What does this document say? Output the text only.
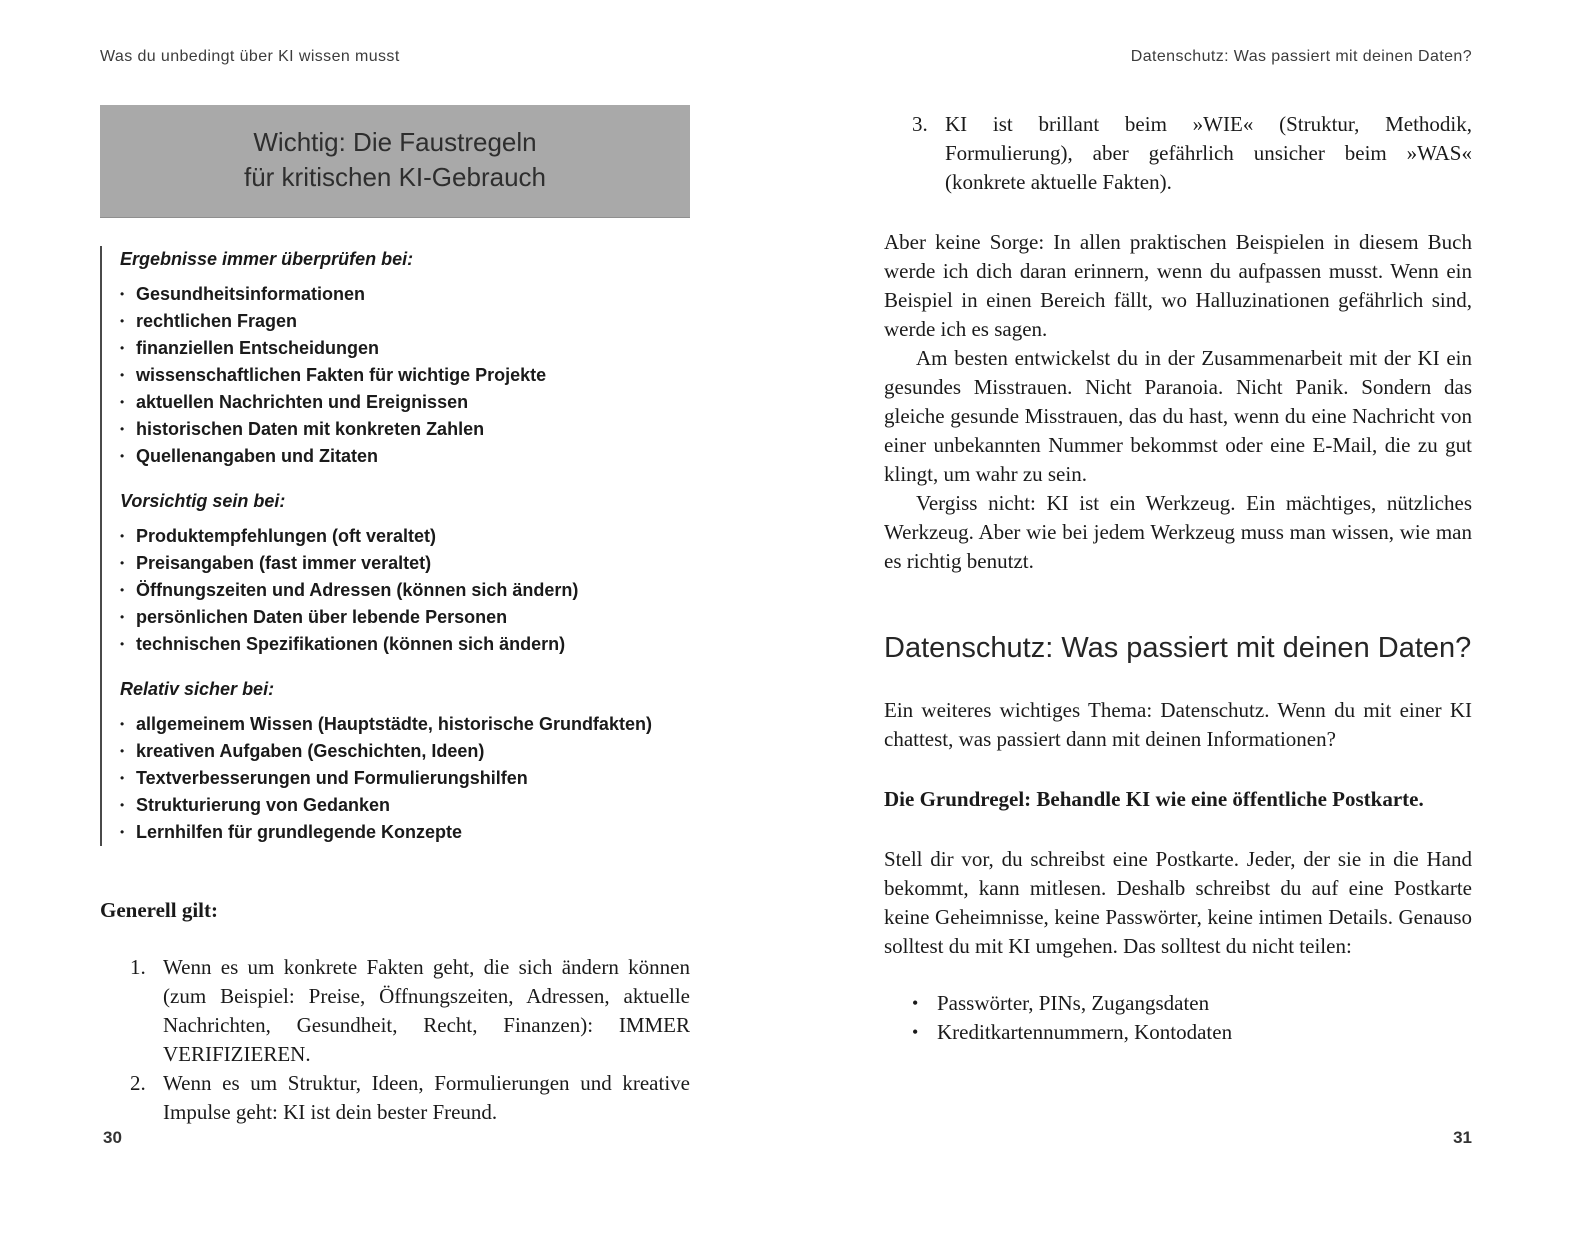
Was du unbedingt über KI wissen musst
Wichtig: Die Faustregeln
für kritischen KI-Gebrauch
Ergebnisse immer überprüfen bei:
• Gesundheitsinformationen
• rechtlichen Fragen
• finanziellen Entscheidungen
• wissenschaftlichen Fakten für wichtige Projekte
• aktuellen Nachrichten und Ereignissen
• historischen Daten mit konkreten Zahlen
• Quellenangaben und Zitaten
Vorsichtig sein bei:
• Produktempfehlungen (oft veraltet)
• Preisangaben (fast immer veraltet)
• Öffnungszeiten und Adressen (können sich ändern)
• persönlichen Daten über lebende Personen
• technischen Spezifikationen (können sich ändern)
Relativ sicher bei:
• allgemeinem Wissen (Hauptstädte, historische Grundfakten)
• kreativen Aufgaben (Geschichten, Ideen)
• Textverbesserungen und Formulierungshilfen
• Strukturierung von Gedanken
• Lernhilfen für grundlegende Konzepte
Generell gilt:
1. Wenn es um konkrete Fakten geht, die sich ändern können (zum Beispiel: Preise, Öffnungszeiten, Adressen, aktuelle Nachrichten, Gesundheit, Recht, Finanzen): IMMER VERIFIZIEREN.
2. Wenn es um Struktur, Ideen, Formulierungen und kreative Impulse geht: KI ist dein bester Freund.
Datenschutz: Was passiert mit deinen Daten?
3. KI ist brillant beim »WIE« (Struktur, Methodik, Formulierung), aber gefährlich unsicher beim »WAS« (konkrete aktuelle Fakten).

Aber keine Sorge: In allen praktischen Beispielen in diesem Buch werde ich dich daran erinnern, wenn du aufpassen musst. Wenn ein Beispiel in einen Bereich fällt, wo Halluzinationen gefährlich sind, werde ich es sagen.

Am besten entwickelst du in der Zusammenarbeit mit der KI ein gesundes Misstrauen. Nicht Paranoia. Nicht Panik. Sondern das gleiche gesunde Misstrauen, das du hast, wenn du eine Nachricht von einer unbekannten Nummer bekommst oder eine E-Mail, die zu gut klingt, um wahr zu sein.

Vergiss nicht: KI ist ein Werkzeug. Ein mächtiges, nützliches Werkzeug. Aber wie bei jedem Werkzeug muss man wissen, wie man es richtig benutzt.

Datenschutz: Was passiert mit deinen Daten?

Ein weiteres wichtiges Thema: Datenschutz. Wenn du mit einer KI chattest, was passiert dann mit deinen Informationen?

Die Grundregel: Behandle KI wie eine öffentliche Postkarte.

Stell dir vor, du schreibst eine Postkarte. Jeder, der sie in die Hand bekommt, kann mitlesen. Deshalb schreibst du auf eine Postkarte keine Geheimnisse, keine Passwörter, keine intimen Details. Genauso solltest du mit KI umgehen. Das solltest du nicht teilen:

• Passwörter, PINs, Zugangsdaten
• Kreditkartennummern, Kontodaten
30	31
